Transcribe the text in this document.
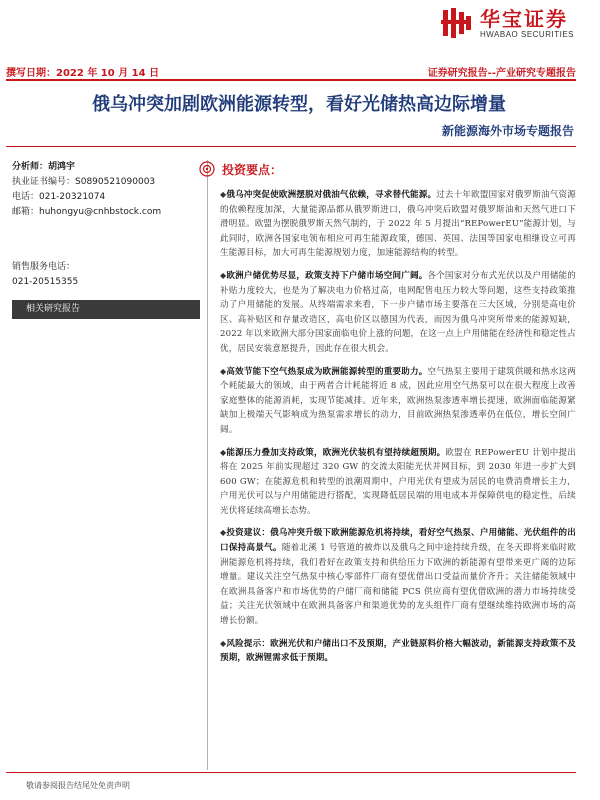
华宝证券
HWABAO SECURITIES
撰写日期：2022 年 10 月 14 日	证券研究报告--产业研究专题报告
俄乌冲突加剧欧洲能源转型，看好光储热高边际增量
新能源海外市场专题报告
分析师：胡鸿宇
执业证书编号：S0890521090003
电话：021-20321074
邮箱：huhongyu@cnhbstock.com
销售服务电话：
021-20515355
相关研究报告
投资要点：

◆俄乌冲突促使欧洲摆脱对俄油气依赖，寻求替代能源。过去十年欧盟国家对俄罗斯油气资源的依赖程度加深，大量能源品都从俄罗斯进口，俄乌冲突后欧盟对俄罗斯油和天然气进口下滑明显。欧盟为摆脱俄罗斯天然气制约，于 2022 年 5 月提出“REPowerEU”能源计划，与此同时，欧洲各国家电领布相应可再生能源政策，德国、英国、法国等国家电相继设立可再生能源目标，加大可再生能源规划力度，加速能源结构的转型。

◆欧洲户储优势尽显，政策支持下户储市场空间广阔。各个国家对分布式光伏以及户用储能的补贴力度较大，也是为了解决电力价格过高，电网配售电压力较大等问题，这些支持政策推动了户用储能的发展。从终端需求来看，下一步户储市场主要落在三大区域，分别是高电价区、高补贴区和存量改造区，高电价区以德国为代表，而因为俄乌冲突所带来的能源短缺，2022 年以来欧洲大部分国家面临电价上涨的问题，在这一点上户用储能在经济性和稳定性占优，居民安装意愿提升，因此存在很大机会。

◆高效节能下空气热泵成为欧洲能源转型的重要助力。空气热泵主要用于建筑供暖和热水这两个耗能最大的领域，由于两者合计耗能将近 8 成，因此应用空气热泵可以在很大程度上改善家庭整体的能源消耗，实现节能减排。近年来，欧洲热泵渗透率增长提速，欧洲面临能源紧缺加上极端天气影响成为热泵需求增长的动力，目前欧洲热泵渗透率仍在低位，增长空间广阔。

◆能源压力叠加支持政策，欧洲光伏装机有望持续超预期。欧盟在 REPowerEU 计划中提出将在 2025 年前实现超过 320 GW 的交流太阳能光伏并网目标，到 2030 年进一步扩大到 600 GW；在能源危机和转型的浪潮周期中，户用光伏有望成为居民的电费消费增长主力，户用光伏可以与户用储能进行搭配，实现降低居民端的用电成本并保障供电的稳定性，后续光伏将延续高增长态势。

◆投资建议：俄乌冲突升级下欧洲能源危机将持续，看好空气热泵、户用储能、光伏组件的出口保持高景气。随着北溪 1 号管道的被炸以及俄乌之间中途持续升级，在冬天即将来临时欧洲能源危机将持续，我们看好在政策支持和供给压力下欧洲的新能源有望带来更广阔的边际增量。建议关注空气热泵中核心零部件厂商有望优借出口受益而量价齐升；关注储能领域中在欧洲具备客户和市场优势的户储厂商和储能 PCS 供应商有望优借欧洲的潜力市场持续受益；关注光伏领域中在欧洲具备客户和渠道优势的龙头组件厂商有望继续维持欧洲市场的高增长份额。

◆风险提示：欧洲光伏和户储出口不及预期，产业链原料价格大幅波动，新能源支持政策不及预期，欧洲锂需求低于预期。

敬请参阅报告结尾处免责声明
